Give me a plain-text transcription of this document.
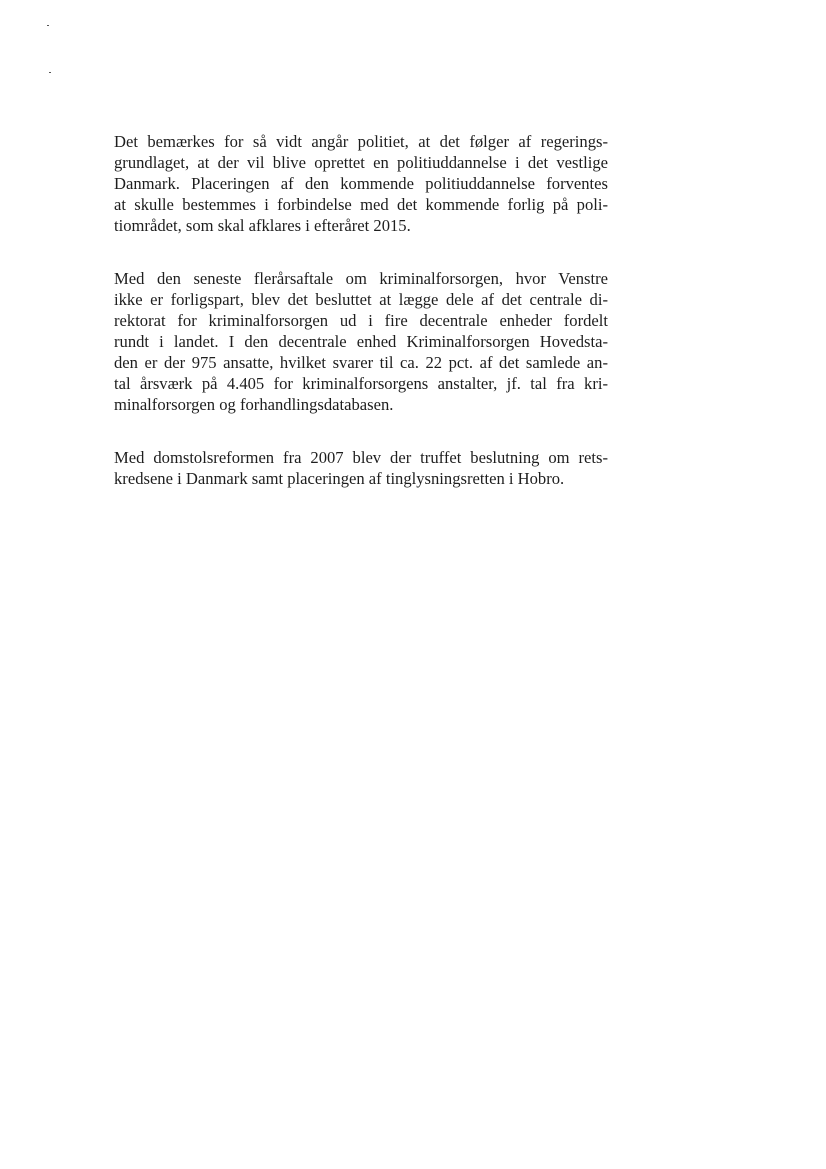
Det bemærkes for så vidt angår politiet, at det følger af regerings-
grundlaget, at der vil blive oprettet en politiuddannelse i det vestlige
Danmark. Placeringen af den kommende politiuddannelse forventes
at skulle bestemmes i forbindelse med det kommende forlig på poli-
tiområdet, som skal afklares i efteråret 2015.

Med den seneste flerårsaftale om kriminalforsorgen, hvor Venstre
ikke er forligspart, blev det besluttet at lægge dele af det centrale di-
rektorat for kriminalforsorgen ud i fire decentrale enheder fordelt
rundt i landet. I den decentrale enhed Kriminalforsorgen Hovedsta-
den er der 975 ansatte, hvilket svarer til ca. 22 pct. af det samlede an-
tal årsværk på 4.405 for kriminalforsorgens anstalter, jf. tal fra kri-
minalforsorgen og forhandlingsdatabasen.

Med domstolsreformen fra 2007 blev der truffet beslutning om rets-
kredsene i Danmark samt placeringen af tinglysningsretten i Hobro.
